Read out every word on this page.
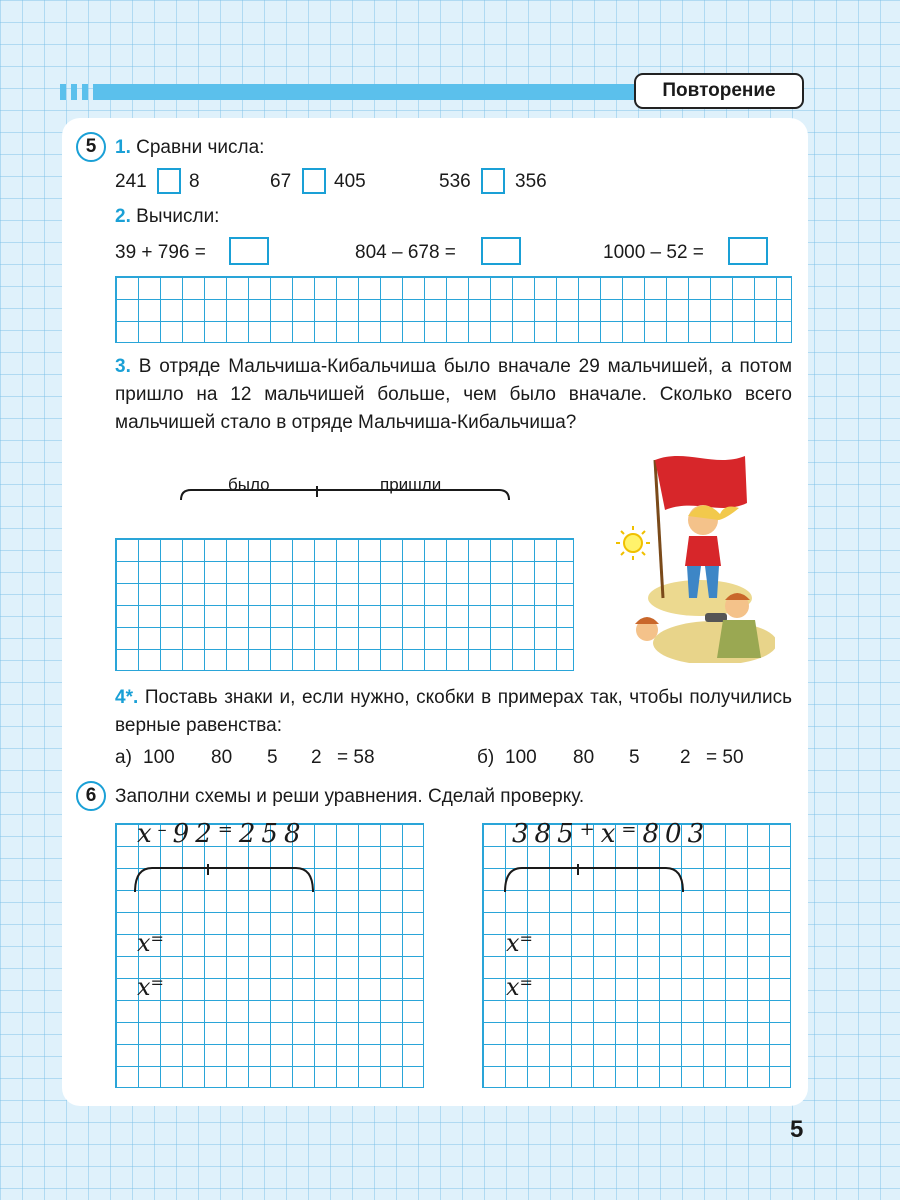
Повторение
5 1. Сравни числа:
241 8	67 405	536 356
2. Вычисли:
39 + 796 =	804 – 678 =	1000 – 52 =
3. В отряде Мальчиша-Кибальчиша было вначале 29 мальчишей, а потом пришло на 12 мальчишей больше, чем было вначале. Сколько всего мальчишей стало в отряде Мальчиша-Кибальчиша?
было	пришли
4*. Поставь знаки и, если нужно, скобки в примерах так, чтобы получились верные равенства:
а) 100 80 5 2 = 58	б) 100 80 5 2 = 50
6 Заполни схемы и реши уравнения. Сделай проверку.
x–92=258
x=
x=
385+x=803
x=
x=
5
